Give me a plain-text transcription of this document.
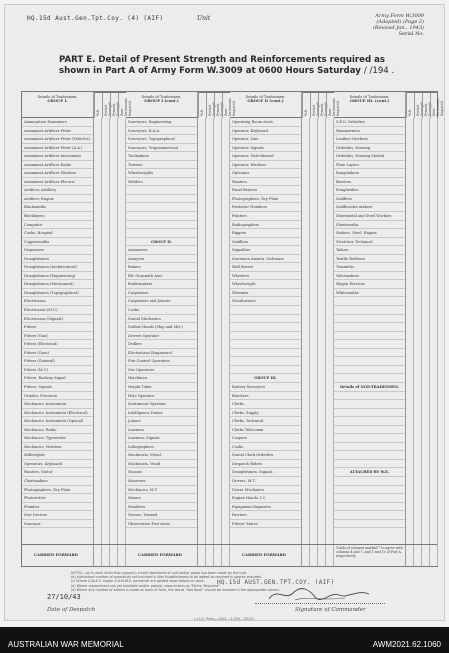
HQ.15d Aust.Gen.Tpt.Coy. (4) (AIF)	Unit	Army Form W.3009
(Adapted) (Page 2)
(Revised Jan., 1943)
Serial No.
PART E. Detail of Present Strength and Reinforcements required as shown in Part A of Army Form W.3009 at 0600 Hours Saturday / /194 .
Details of Tradesmen.
GROUP I.
Ammunition Examiners
Armament Artificer Fitter
Armament Artificer Fitter (Vehicles)
Armament Artificer Fitter (A.A.)
Armament Artificer Instrument
Armament Artificer Radio
Armament Artificer Wireless
Armament Artificer Electric
Artificer, Artillery
Artificer, Engine
Blacksmiths
Bricklayers
Computor
Cooks, Hospital
Coppersmiths
Dispensers
Draughtsmen
Draughtsmen (Architectural)
Draughtsmen (Engineering)
Draughtsmen (Mechanical)
Draughtsmen (Topographical)
Electricians
Electricians (M.V.)
Electricians (Signals)
Fitters
Fitters (Gun)
Fitters (Electrical)
Fitters (Gyro)
Fitters (General)
Fitters (M.V.)
Fitters, Railway Signal
Fitters, Signals
Grinder, Precision
Mechanics, Instrument
Mechanics, Instrument (Electrical)
Mechanics, Instrument (Optical)
Mechanics, Radio
Mechanics, Typewriter
Mechanics, Wireless
Millwrights
Operators, Keyboard
Painters, Motor
Chartmakers
Photographers, Dry Plate
Photowriter
Plumber
Saw Doctors
Surveyor
W.E.	Posted Strength. Present Strength. Rein- forcements Required.
Details of Tradesmen.
GROUP I (cont.)
Surveyors, Engineering
Surveyors, R.A.A.
Surveyors, Topographical
Surveyors, Trigonometrical
Toolmakers
Turners
Wheelwrights
Welders
GROUP II.
Armourers
Assayers
Bakers
Blr. Gunsmith Asst.
Boilermakers
Carpenters
Carpenters and Joiners
Cooks
Dental Mechanics
Dobbie Hands (Ship and Mtr.)
Drivers Operator
Drillers
Electricians (Engineers)
Fire Control Operators
Gas Operators
Hatchmen
Height Taker
Hole Operator
Instrument Operator
Intelligence Duties
Joiners
Linemen
Linemen, Signals
Lithographers
Machinists, Metal
Machinists, Wood
Masons
Masseurs
Mechanics, M.T.
Miners
Moulders
Nurses, Trained
Observation Post Assts.
W.E.	Posted Strength. Present Strength. Rein- forcements Required.
Details of Tradesmen.
GROUP II (cont.)
Operating Room Assts.
Operator, Keyboard
Operator, Line
Operator, Signals
Operator, Switchboard
Operator, Wireless
Opticians
Painters
Panel Beaters
Photographers, Dry Plate
Predictor Numbers
Printers
Radiographers
Riggers
Saddlers
Signallers
Storemen Ammtn. Ordnance
Wall Borers
Wheelers
Wheelwright
Wiremen
Woodturners
GROUP III.
Battery Surveyors
Butchers
Clerks
Clerks, Supply
Clerks, Technical
Clerks Telecomm
Coopers
Cooks
Dental Clerk Orderlies
Despatch Riders
Draughtsmen, Signals
Drivers, M.T.
Driver Mechanics
Engine Hands, I.C.
Equipment Repairers
Farriers
Fitters' Mates
W.E.	Posted Strength. Present Strength. Rein- forcements Required.
Details of Tradesmen.
GROUP III. (cont.)
G.P.O. Orderlies
Hammermen
Leather Stitchers
Orderlies, Nursing
Orderlies, Nursing Mental
Plate Layers
Rangetakers
Riveters
Roughriders
Saddlers
Saddlesides makers
Sheetmetal and Steel Workers
Sheetsmiths
Stokers, Steel, Engine
Stretcher, Technical
Tailors
Textile Refitters
Tinsmiths
Valvemakers
Wagon Erectors
Whitesmiths
Details of NON-TRADESMEN.
ATTACHED BY W.E.
W.E.	Posted Strength. Present Strength. Rein- forcements Required.
CARRIED FORWARD	CARRIED FORWARD	CARRIED FORWARD
Totals of columns marked * to agree with columns 4 and 7, and 1 and 10 of Part A, respectively.

NOTES—(a) In each other than group(s) a brief statement of unit and/or group has been made by the unit.

(b) Authorized number of specialists not included in War Establishment to be added as required in spaces provided.

(c) Where A.W.A.S. and/or A.A.M.W.S. personnel are posted show details on back.

(d) Where replacement not yet available and/or posted, show entries as "Reins. Required".

(e) Where any number of entries is made on back of form, the words "See Back" should be inserted in the appropriate column.

HQ.15d AUST.GEN.TPT.COY. (AIF)
27/10/43
Date of Despatch	Signature of Commander
L.H.Q. Press—29/4—1,450—30/43.
AUSTRALIAN WAR MEMORIAL	AWM2021.62.1060
